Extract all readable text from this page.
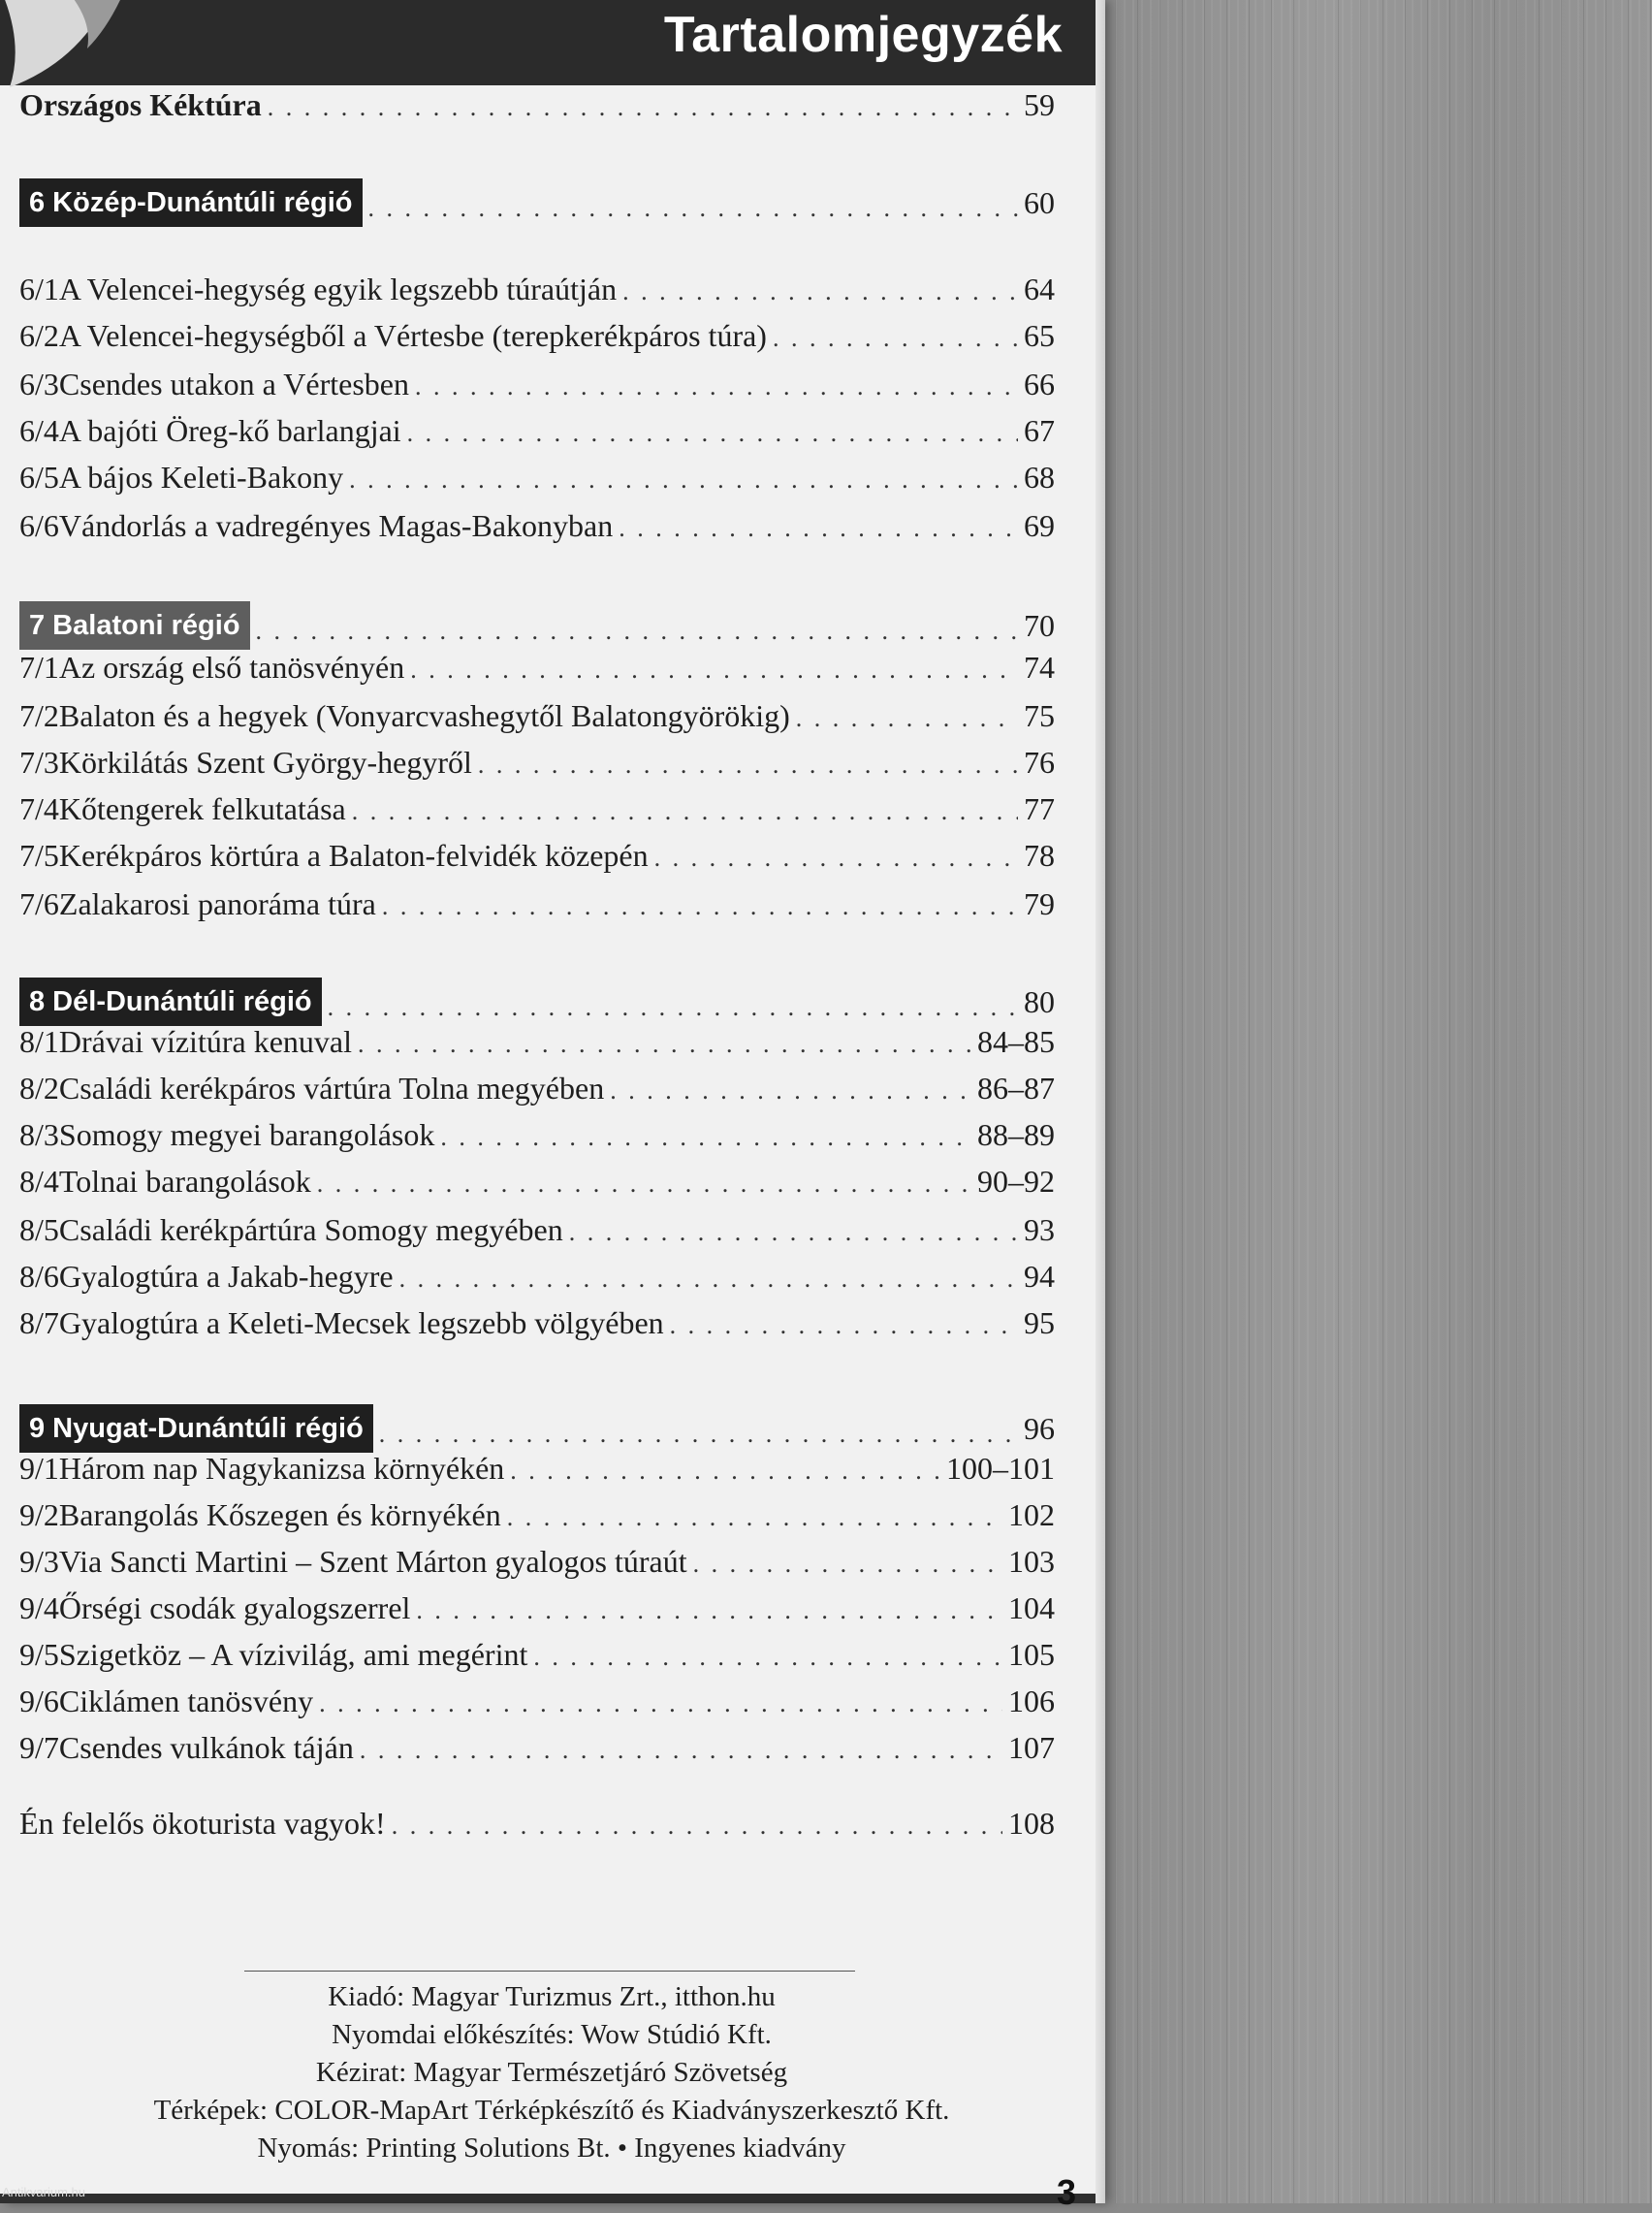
Tartalomjegyzék
Országos Kéktúra . . .	59
6 Közép-Dunántúli régió . . .	60
6/1 A Velencei-hegység egyik legszebb túraútján . . .	64
6/2 A Velencei-hegységből a Vértesbe (terepkerékpáros túra) . . .	65
6/3 Csendes utakon a Vértesben . . .	66
6/4 A bajóti Öreg-kő barlangjai . . .	67
6/5 A bájos Keleti-Bakony . . .	68
6/6 Vándorlás a vadregényes Magas-Bakonyban . . .	69
7 Balatoni régió . . .	70
7/1 Az ország első tanösvényén . . .	74
7/2 Balaton és a hegyek (Vonyarcvashegytől Balatongyörökig) . . .	75
7/3 Körkilátás Szent György-hegyről . . .	76
7/4 Kőtengerek felkutatása . . .	77
7/5 Kerékpáros körtúra a Balaton-felvidék közepén . . .	78
7/6 Zalakarosi panoráma túra . . .	79
8 Dél-Dunántúli régió . . .	80
8/1 Drávai vízitúra kenuval . . .	84–85
8/2 Családi kerékpáros vártúra Tolna megyében . . .	86–87
8/3 Somogy megyei barangolások . . .	88–89
8/4 Tolnai barangolások . . .	90–92
8/5 Családi kerékpártúra Somogy megyében . . .	93
8/6 Gyalogtúra a Jakab-hegyre . . .	94
8/7 Gyalogtúra a Keleti-Mecsek legszebb völgyében . . .	95
9 Nyugat-Dunántúli régió . . .	96
9/1 Három nap Nagykanizsa környékén . . .	100–101
9/2 Barangolás Kőszegen és környékén . . .	102
9/3 Via Sancti Martini – Szent Márton gyalogos túraút . . .	103
9/4 Őrségi csodák gyalogszerrel . . .	104
9/5 Szigetköz – A vízivilág, ami megérint . . .	105
9/6 Ciklámen tanösvény . . .	106
9/7 Csendes vulkánok táján . . .	107
Én felelős ökoturista vagyok! . . .	108
Kiadó: Magyar Turizmus Zrt., itthon.hu
Nyomdai előkészítés: Wow Stúdió Kft.
Kézirat: Magyar Természetjáró Szövetség
Térképek: COLOR-MapArt Térképkészítő és Kiadványszerkesztő Kft.
Nyomás: Printing Solutions Bt. • Ingyenes kiadvány
Antikvarium.hu	3
